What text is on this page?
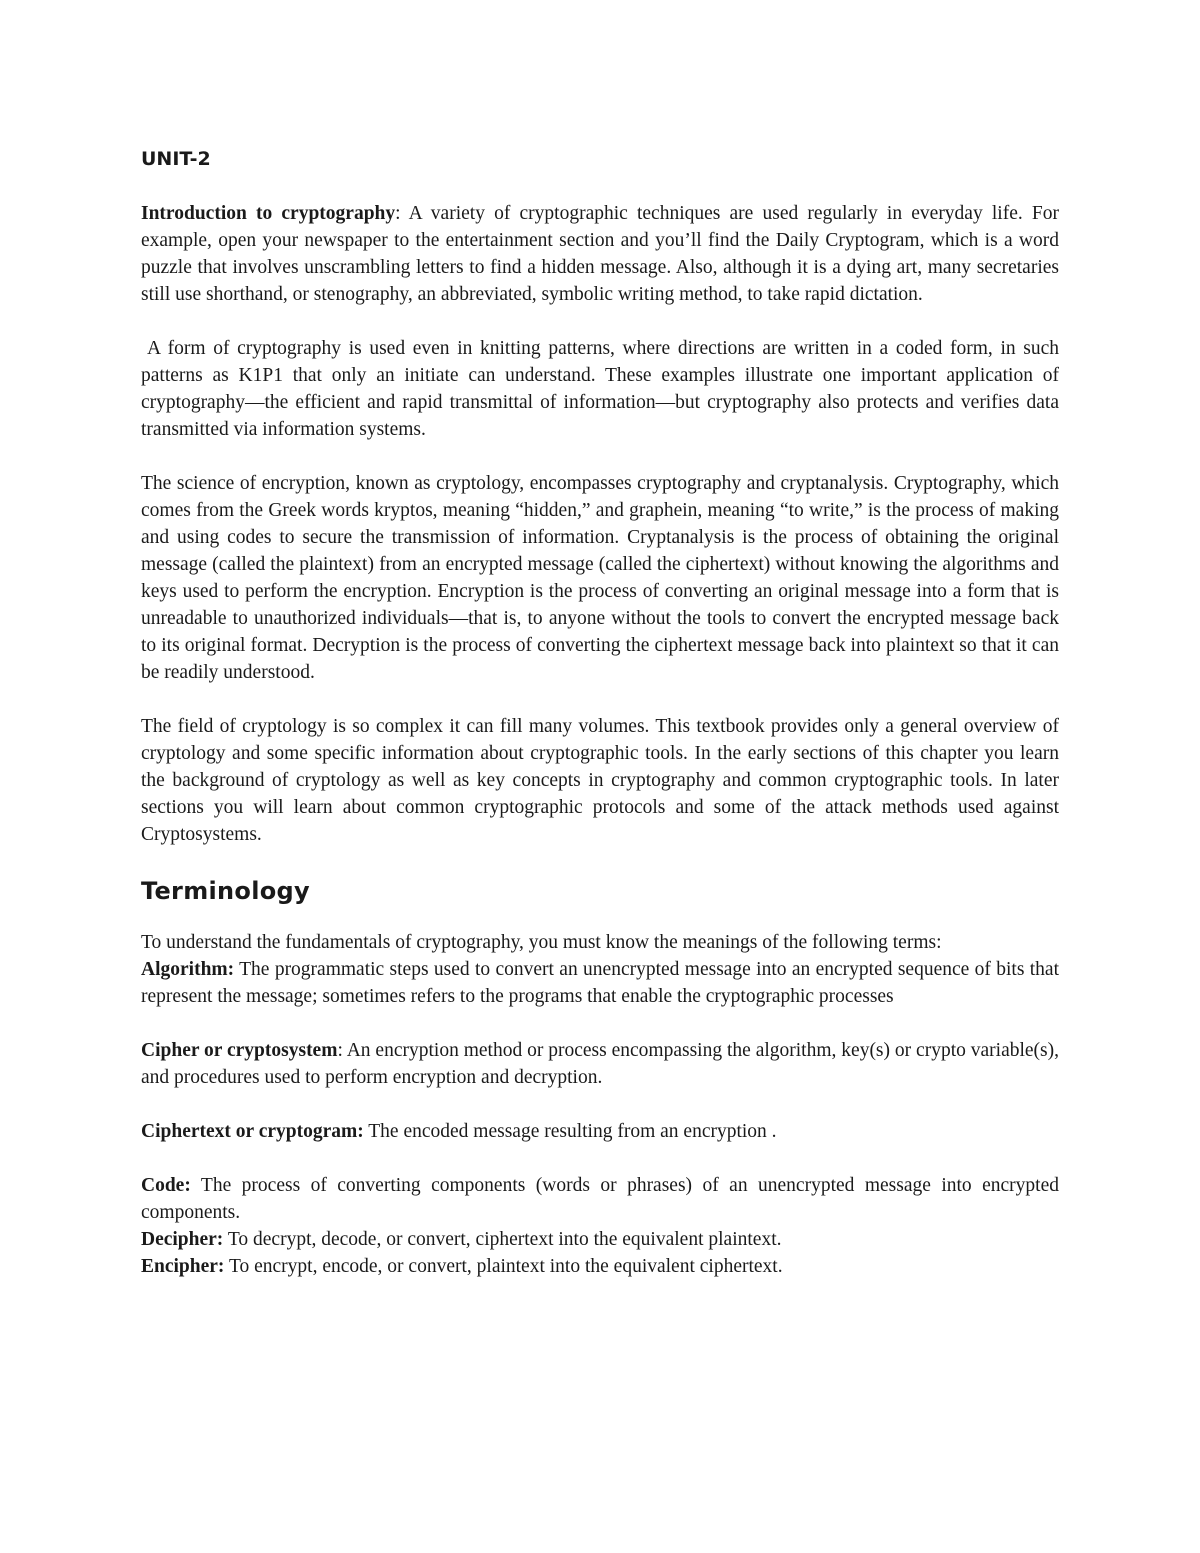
UNIT-2

Introduction to cryptography: A variety of cryptographic techniques are used regularly in everyday life. For example, open your newspaper to the entertainment section and you’ll find the Daily Cryptogram, which is a word puzzle that involves unscrambling letters to find a hidden message. Also, although it is a dying art, many secretaries still use shorthand, or stenography, an abbreviated, symbolic writing method, to take rapid dictation.

A form of cryptography is used even in knitting patterns, where directions are written in a coded form, in such patterns as K1P1 that only an initiate can understand. These examples illustrate one important application of cryptography—the efficient and rapid transmittal of information—but cryptography also protects and verifies data transmitted via information systems.

The science of encryption, known as cryptology, encompasses cryptography and cryptanalysis. Cryptography, which comes from the Greek words kryptos, meaning “hidden,” and graphein, meaning “to write,” is the process of making and using codes to secure the transmission of information. Cryptanalysis is the process of obtaining the original message (called the plaintext) from an encrypted message (called the ciphertext) without knowing the algorithms and keys used to perform the encryption. Encryption is the process of converting an original message into a form that is unreadable to unauthorized individuals—that is, to anyone without the tools to convert the encrypted message back to its original format. Decryption is the process of converting the ciphertext message back into plaintext so that it can be readily understood.

The field of cryptology is so complex it can fill many volumes. This textbook provides only a general overview of cryptology and some specific information about cryptographic tools. In the early sections of this chapter you learn the background of cryptology as well as key concepts in cryptography and common cryptographic tools. In later sections you will learn about common cryptographic protocols and some of the attack methods used against Cryptosystems.

Terminology

To understand the fundamentals of cryptography, you must know the meanings of the following terms:

Algorithm: The programmatic steps used to convert an unencrypted message into an encrypted sequence of bits that represent the message; sometimes refers to the programs that enable the cryptographic processes

Cipher or cryptosystem: An encryption method or process encompassing the algorithm, key(s) or crypto variable(s), and procedures used to perform encryption and decryption.

Ciphertext or cryptogram: The encoded message resulting from an encryption .

Code: The process of converting components (words or phrases) of an unencrypted message into encrypted components.

Decipher: To decrypt, decode, or convert, ciphertext into the equivalent plaintext.

Encipher: To encrypt, encode, or convert, plaintext into the equivalent ciphertext.
